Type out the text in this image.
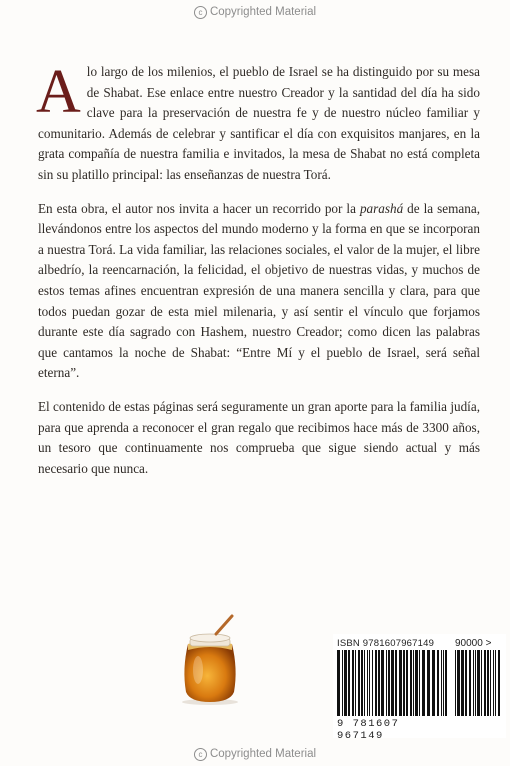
c Copyrighted Material

A lo largo de los milenios, el pueblo de Israel se ha distinguido por su mesa de Shabat. Ese enlace entre nuestro Creador y la santidad del día ha sido clave para la preservación de nuestra fe y de nuestro núcleo familiar y comunitario. Además de celebrar y santificar el día con exquisitos manjares, en la grata compañía de nuestra familia e invitados, la mesa de Shabat no está completa sin su platillo principal: las enseñanzas de nuestra Torá.

En esta obra, el autor nos invita a hacer un recorrido por la parashá de la semana, llevándonos entre los aspectos del mundo moderno y la forma en que se incorporan a nuestra Torá. La vida familiar, las relaciones sociales, el valor de la mujer, el libre albedrío, la reencarnación, la felicidad, el objetivo de nuestras vidas, y muchos de estos temas afines encuentran expresión de una manera sencilla y clara, para que todos puedan gozar de esta miel milenaria, y así sentir el vínculo que forjamos durante este día sagrado con Hashem, nuestro Creador; como dicen las palabras que cantamos la noche de Shabat: “Entre Mí y el pueblo de Israel, será señal eterna”.

El contenido de estas páginas será seguramente un gran aporte para la familia judía, para que aprenda a reconocer el gran regalo que recibimos hace más de 3300 años, un tesoro que continuamente nos comprueba que sigue siendo actual y más necesario que nunca.

ISBN 9781607967149 90000 >
9 781607 967149
c Copyrighted Material
